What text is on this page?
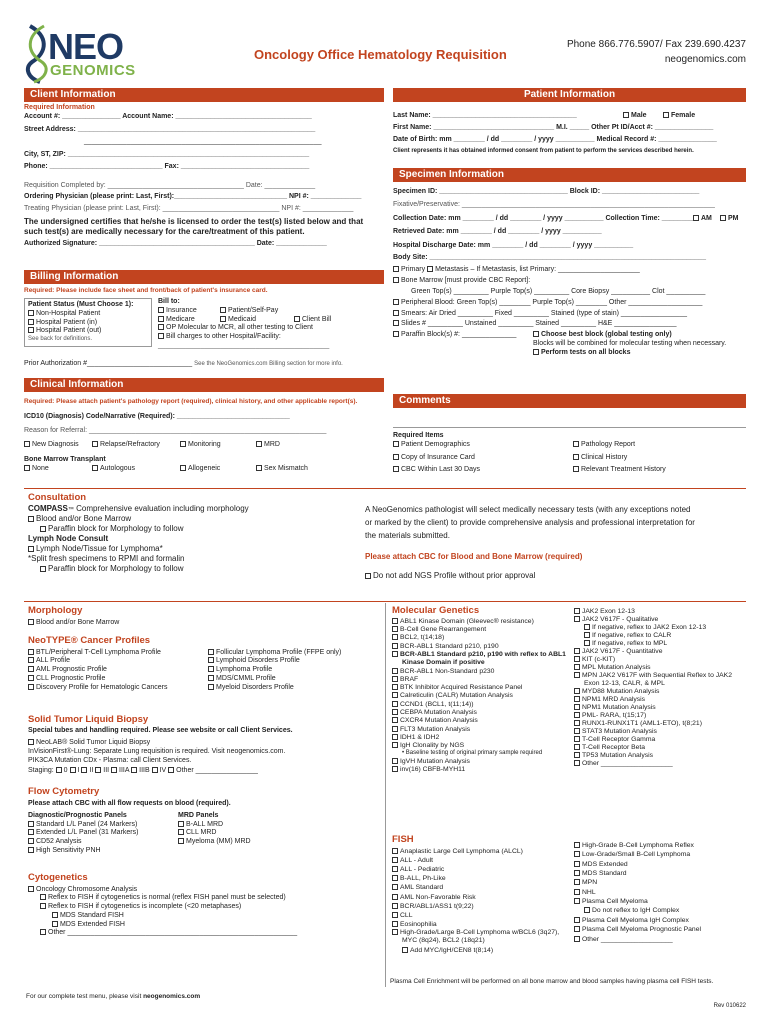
NEO
GENOMICS
Oncology Office Hematology Requisition
Phone 866.776.5907/ Fax 239.690.4237
neogenomics.com
Client Information
Required Information
Account #: _______________ Account Name: ___________________________________
Street Address: _____________________________________________________________
_____________________________________________________________
City, ST, ZIP: ______________________________________________________________
Phone: _____________________________ Fax: _________________________________
Requisition Completed by: ___________________________________ Date: _____________
Ordering Physician (please print: Last, First):_____________________________ NPI #: _____________
Treating Physician (please print: Last, First): ______________________________ NPI #: _____________
The undersigned certifies that he/she is licensed to order the test(s) listed below and that such test(s) are medically necessary for the care/treatment of this patient.
Authorized Signature: ________________________________________ Date: _____________
Billing Information
Required: Please include face sheet and front/back of patient's insurance card.
Patient Status (Must Choose 1):
Non-Hospital Patient
Hospital Patient (in)
Hospital Patient (out)
See back for definitions.
Bill to:
Insurance	Patient/Self-Pay
Medicare	Medicaid	Client Bill
OP Molecular to MCR, all other testing to Client
Bill charges to other Hospital/Facility:
____________________________________________
Prior Authorization #___________________________ See the NeoGenomics.com Billing section for more info.
Clinical Information
Required: Please attach patient's pathology report (required), clinical history, and other applicable report(s).
ICD10 (Diagnosis) Code/Narrative (Required): _____________________________
Reason for Referral: _____________________________________________________________
New Diagnosis	Relapse/Refractory	Monitoring	MRD
Bone Marrow Transplant
None	Autologous	Allogeneic	Sex Mismatch
Patient Information
Last Name: _____________________________________	Male	Female
First Name: _______________________________ M.I. _____ Other Pt ID/Acct #: _______________
Date of Birth: mm ________ / dd ________ / yyyy __________ Medical Record #: _______________
Client represents it has obtained informed consent from patient to perform the services described herein.
Specimen Information
Specimen ID: _________________________________ Block ID: _________________________
Fixative/Preservative: _________________________________________________________________
Collection Date: mm ________ / dd ________ / yyyy __________ Collection Time: _________ AM	PM
Retrieved Date: mm ________ / dd ________ / yyyy __________
Hospital Discharge Date: mm ________ / dd ________ / yyyy __________
Body Site: _______________________________________________________________________
Primary Metastasis – If Metastasis, list Primary: _____________________
Bone Marrow [must provide CBC Report]:
Green Top(s) _________ Purple Top(s) _________ Core Biopsy __________ Clot __________
Peripheral Blood: Green Top(s) ________ Purple Top(s) ________ Other ___________________
Smears: Air Dried _________ Fixed _________ Stained (type of stain) _________________
Slides # _________ Unstained _________ Stained _________ H&E ________________
Paraffin Block(s) #: ______________	Choose best block (global testing only)
Blocks will be combined for molecular testing when necessary.
Perform tests on all blocks
Comments
Required Items
Patient Demographics	Pathology Report
Copy of Insurance Card	Clinical History
CBC Within Last 30 Days	Relevant Treatment History
Consultation
COMPASS™ Comprehensive evaluation including morphology
Blood and/or Bone Marrow
Paraffin block for Morphology to follow
Lymph Node Consult
Lymph Node/Tissue for Lymphoma*
*Split fresh specimens to RPMI and formalin
Paraffin block for Morphology to follow
A NeoGenomics pathologist will select medically necessary tests (with any exceptions noted or marked by the client) to provide comprehensive analysis and professional interpretation for the materials submitted.
Please attach CBC for Blood and Bone Marrow (required)
Do not add NGS Profile without prior approval
Morphology
Blood and/or Bone Marrow
NeoTYPE® Cancer Profiles
BTL/Peripheral T-Cell Lymphoma Profile
ALL Profile
AML Prognostic Profile
CLL Prognostic Profile
Discovery Profile for Hematologic Cancers
Follicular Lymphoma Profile (FFPE only)
Lymphoid Disorders Profile
Lymphoma Profile
MDS/CMML Profile
Myeloid Disorders Profile
Solid Tumor Liquid Biopsy
Special tubes and handling required. Please see website or call Client Services.
NeoLAB® Solid Tumor Liquid Biopsy
InVisionFirst®-Lung: Separate Lung requisition is required. Visit neogenomics.com.
PIK3CA Mutation CDx - Plasma: call Client Services.
Staging: 0 I II III IIIA IIIB IV Other ________________
Flow Cytometry
Please attach CBC with all flow requests on blood (required).
Diagnostic/Prognostic Panels
Standard L/L Panel (24 Markers)
Extended L/L Panel (31 Markers)
CD52 Analysis
High Sensitivity PNH
MRD Panels
B-ALL MRD
CLL MRD
Myeloma (MM) MRD
Cytogenetics
Oncology Chromosome Analysis
Reflex to FISH if cytogenetics is normal (reflex FISH panel must be selected)
Reflex to FISH if cytogenetics is incomplete (<20 metaphases)
MDS Standard FISH
MDS Extended FISH
Other ___________________________________________________________
Molecular Genetics
ABL1 Kinase Domain (Gleevec® resistance)
B-Cell Gene Rearrangement
BCL2, t(14;18)
BCR-ABL1 Standard p210, p190
BCR-ABL1 Standard p210, p190 with reflex to ABL1 Kinase Domain if positive
BCR-ABL1 Non-Standard p230
BRAF
BTK Inhibitor Acquired Resistance Panel
Calreticulin (CALR) Mutation Analysis
CCND1 (BCL1, t(11;14))
CEBPA Mutation Analysis
CXCR4 Mutation Analysis
FLT3 Mutation Analysis
IDH1 & IDH2
IgH Clonality by NGS
• Baseline testing of original primary sample required
IgVH Mutation Analysis
inv(16) CBFB-MYH11
JAK2 Exon 12-13
JAK2 V617F - Qualitative
If negative, reflex to JAK2 Exon 12-13
If negative, reflex to CALR
If negative, reflex to MPL
JAK2 V617F - Quantitative
KIT (c-KIT)
MPL Mutation Analysis
MPN JAK2 V617F with Sequential Reflex to JAK2 Exon 12-13, CALR, & MPL
MYD88 Mutation Analysis
NPM1 MRD Analysis
NPM1 Mutation Analysis
PML- RARA, t(15;17)
RUNX1-RUNX1T1 (AML1-ETO), t(8;21)
STAT3 Mutation Analysis
T-Cell Receptor Gamma
T-Cell Receptor Beta
TP53 Mutation Analysis
Other ___________________
FISH
Anaplastic Large Cell Lymphoma (ALCL)
ALL - Adult
ALL - Pediatric
B-ALL, Ph-Like
AML Standard
AML Non-Favorable Risk
BCR/ABL1/ASS1 t(9;22)
CLL
Eosinophilia
High-Grade/Large B-Cell Lymphoma w/BCL6 (3q27), MYC (8q24), BCL2 (18q21)
Add MYC/IgH/CEN8 t(8;14)
High-Grade B-Cell Lymphoma Reflex
Low-Grade/Small B-Cell Lymphoma
MDS Extended
MDS Standard
MPN
NHL
Plasma Cell Myeloma
Do not reflex to IgH Complex
Plasma Cell Myeloma IgH Complex
Plasma Cell Myeloma Prognostic Panel
Other ___________________
Plasma Cell Enrichment will be performed on all bone marrow and blood samples having plasma cell FISH tests.
For our complete test menu, please visit neogenomics.com
Rev 010622
